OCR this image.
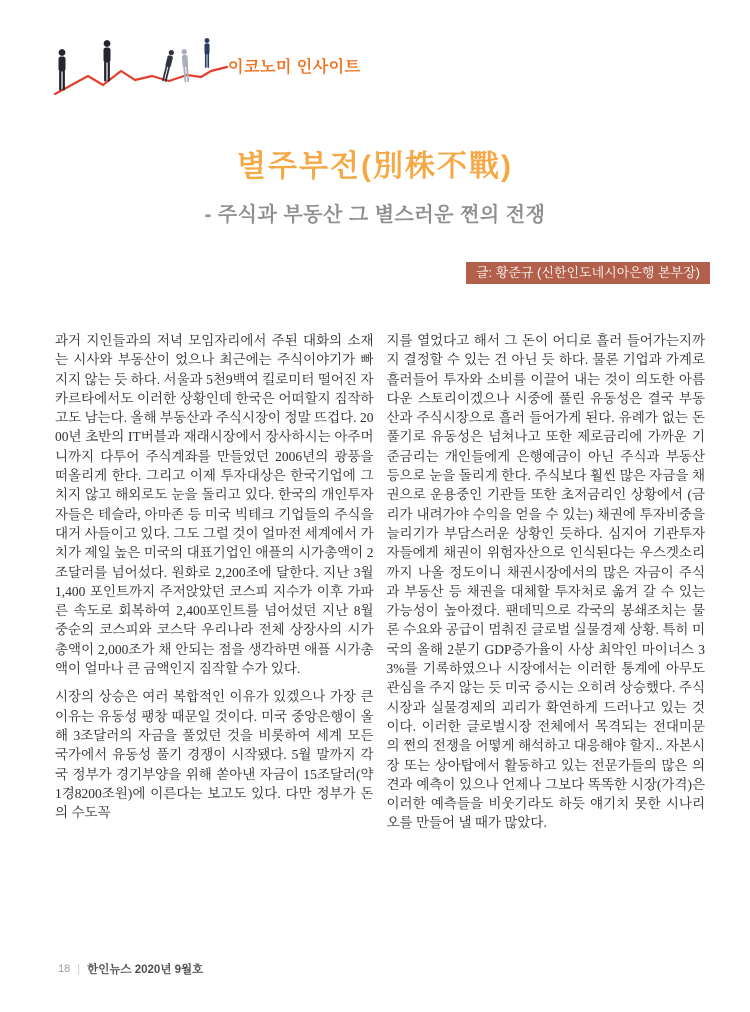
이코노미 인사이트
별주부전(別株不戰)
- 주식과 부동산 그 별스러운 쩐의 전쟁
글: 황준규 (신한인도네시아은행 본부장)

과거 지인들과의 저녁 모임자리에서 주된 대화의 소재는 시사와 부동산이 었으나 최근에는 주식이야기가 빠지지 않는 듯 하다. 서울과 5천9백여 킬로미터 떨어진 자카르타에서도 이러한 상황인데 한국은 어떠할지 짐작하고도 남는다. 올해 부동산과 주식시장이 정말 뜨겁다. 2000년 초반의 IT버블과 재래시장에서 장사하시는 아주머니까지 다투어 주식계좌를 만들었던 2006년의 광풍을 떠올리게 한다. 그리고 이제 투자대상은 한국기업에 그치지 않고 해외로도 눈을 돌리고 있다. 한국의 개인투자자들은 테슬라, 아마존 등 미국 빅테크 기업들의 주식을 대거 사들이고 있다. 그도 그럴 것이 얼마전 세계에서 가치가 제일 높은 미국의 대표기업인 애플의 시가총액이 2조달러를 넘어섰다. 원화로 2,200조에 달한다. 지난 3월 1,400 포인트까지 주저앉았던 코스피 지수가 이후 가파른 속도로 회복하여 2,400포인트를 넘어섰던 지난 8월 중순의 코스피와 코스닥 우리나라 전체 상장사의 시가총액이 2,000조가 채 안되는 점을 생각하면 애플 시가총액이 얼마나 큰 금액인지 짐작할 수가 있다.

시장의 상승은 여러 복합적인 이유가 있겠으나 가장 큰 이유는 유동성 팽창 때문일 것이다. 미국 중앙은행이 올해 3조달러의 자금을 풀었던 것을 비롯하여 세계 모든 국가에서 유동성 풀기 경쟁이 시작됐다. 5월 말까지 각국 정부가 경기부양을 위해 쏟아낸 자금이 15조달러(약 1경8200조원)에 이른다는 보고도 있다. 다만 정부가 돈의 수도꼭

지를 열었다고 해서 그 돈이 어디로 흘러 들어가는지까지 결정할 수 있는 건 아닌 듯 하다. 물론 기업과 가계로 흘러들어 투자와 소비를 이끌어 내는 것이 의도한 아름다운 스토리이겠으나 시중에 풀린 유동성은 결국 부동산과 주식시장으로 흘러 들어가게 된다. 유례가 없는 돈풀기로 유동성은 넘쳐나고 또한 제로금리에 가까운 기준금리는 개인들에게 은행예금이 아닌 주식과 부동산 등으로 눈을 돌리게 한다. 주식보다 훨씬 많은 자금을 채권으로 운용중인 기관들 또한 초저금리인 상황에서 (금리가 내려가야 수익을 얻을 수 있는) 채권에 투자비중을 늘리기가 부담스러운 상황인 듯하다. 심지어 기관투자자들에게 채권이 위험자산으로 인식된다는 우스겟소리까지 나올 정도이니 채권시장에서의 많은 자금이 주식과 부동산 등 채권을 대체할 투자처로 옮겨 갈 수 있는 가능성이 높아졌다. 팬데믹으로 각국의 봉쇄조치는 물론 수요와 공급이 멈춰진 글로벌 실물경제 상황. 특히 미국의 올해 2분기 GDP증가율이 사상 최악인 마이너스 33%를 기록하였으나 시장에서는 이러한 통계에 아무도 관심을 주지 않는 듯 미국 증시는 오히려 상승했다. 주식시장과 실물경제의 괴리가 확연하게 드러나고 있는 것이다. 이러한 글로벌시장 전체에서 목격되는 전대미문의 쩐의 전쟁을 어떻게 해석하고 대응해야 할지.. 자본시장 또는 상아탑에서 활동하고 있는 전문가들의 많은 의견과 예측이 있으나 언제나 그보다 똑똑한 시장(가격)은 이러한 예측들을 비웃기라도 하듯 얘기치 못한 시나리오를 만들어 낼 때가 많았다.

18 | 한인뉴스 2020년 9월호
